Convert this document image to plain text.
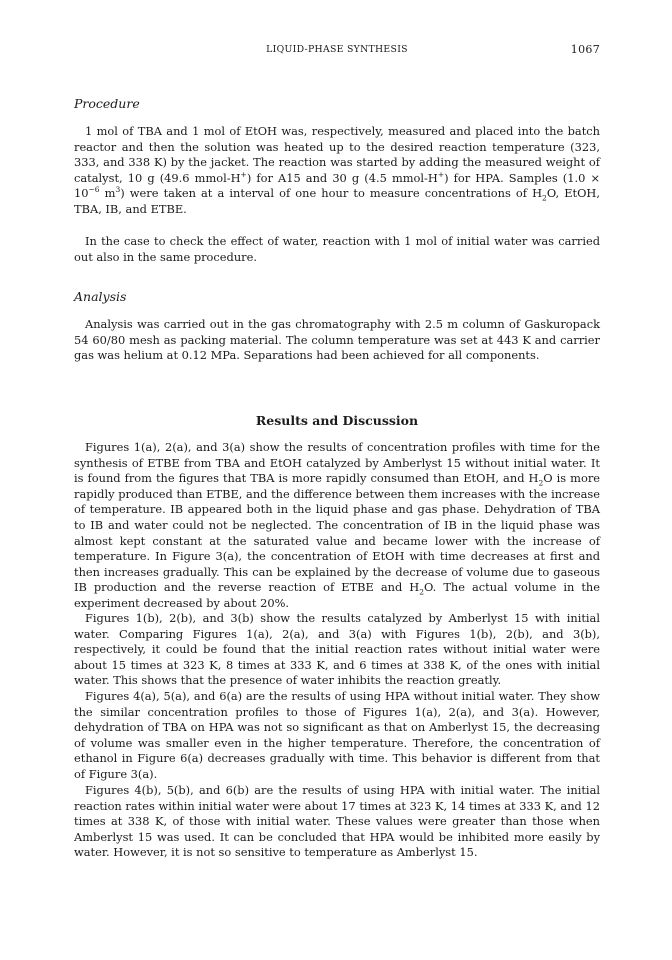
LIQUID-PHASE SYNTHESIS	1067
Procedure

1 mol of TBA and 1 mol of EtOH was, respectively, measured and placed into the batch reactor and then the solution was heated up to the desired reaction temperature (323, 333, and 338 K) by the jacket. The reaction was started by adding the measured weight of catalyst, 10 g (49.6 mmol-H+) for A15 and 30 g (4.5 mmol-H+) for HPA. Samples ($1.0 \times 10^{-6}$ $m^3$) were taken at a interval of one hour to measure concentrations of $H_2O$, EtOH, TBA, IB, and ETBE.

In the case to check the effect of water, reaction with 1 mol of initial water was carried out also in the same procedure.

Analysis

Analysis was carried out in the gas chromatography with 2.5 m column of Gaskuropack 54 60/80 mesh as packing material. The column temperature was set at 443 K and carrier gas was helium at 0.12 MPa. Separations had been achieved for all components.

Results and Discussion

Figures 1(a), 2(a), and 3(a) show the results of concentration profiles with time for the synthesis of ETBE from TBA and EtOH catalyzed by Amberlyst 15 without initial water. It is found from the figures that TBA is more rapidly consumed than EtOH, and $H_2O$ is more rapidly produced than ETBE, and the difference between them increases with the increase of temperature. IB appeared both in the liquid phase and gas phase. Dehydration of TBA to IB and water could not be neglected. The concentration of IB in the liquid phase was almost kept constant at the saturated value and became lower with the increase of temperature. In Figure 3(a), the concentration of EtOH with time decreases at first and then increases gradually. This can be explained by the decrease of volume due to gaseous IB production and the reverse reaction of ETBE and $H_2O$. The actual volume in the experiment decreased by about 20%.

Figures 1(b), 2(b), and 3(b) show the results catalyzed by Amberlyst 15 with initial water. Comparing Figures 1(a), 2(a), and 3(a) with Figures 1(b), 2(b), and 3(b), respectively, it could be found that the initial reaction rates without initial water were about 15 times at 323 K, 8 times at 333 K, and 6 times at 338 K, of the ones with initial water. This shows that the presence of water inhibits the reaction greatly.

Figures 4(a), 5(a), and 6(a) are the results of using HPA without initial water. They show the similar concentration profiles to those of Figures 1(a), 2(a), and 3(a). However, dehydration of TBA on HPA was not so significant as that on Amberlyst 15, the decreasing of volume was smaller even in the higher temperature. Therefore, the concentration of ethanol in Figure 6(a) decreases gradually with time. This behavior is different from that of Figure 3(a).

Figures 4(b), 5(b), and 6(b) are the results of using HPA with initial water. The initial reaction rates within initial water were about 17 times at 323 K, 14 times at 333 K, and 12 times at 338 K, of those with initial water. These values were greater than those when Amberlyst 15 was used. It can be concluded that HPA would be inhibited more easily by water. However, it is not so sensitive to temperature as Amberlyst 15.
